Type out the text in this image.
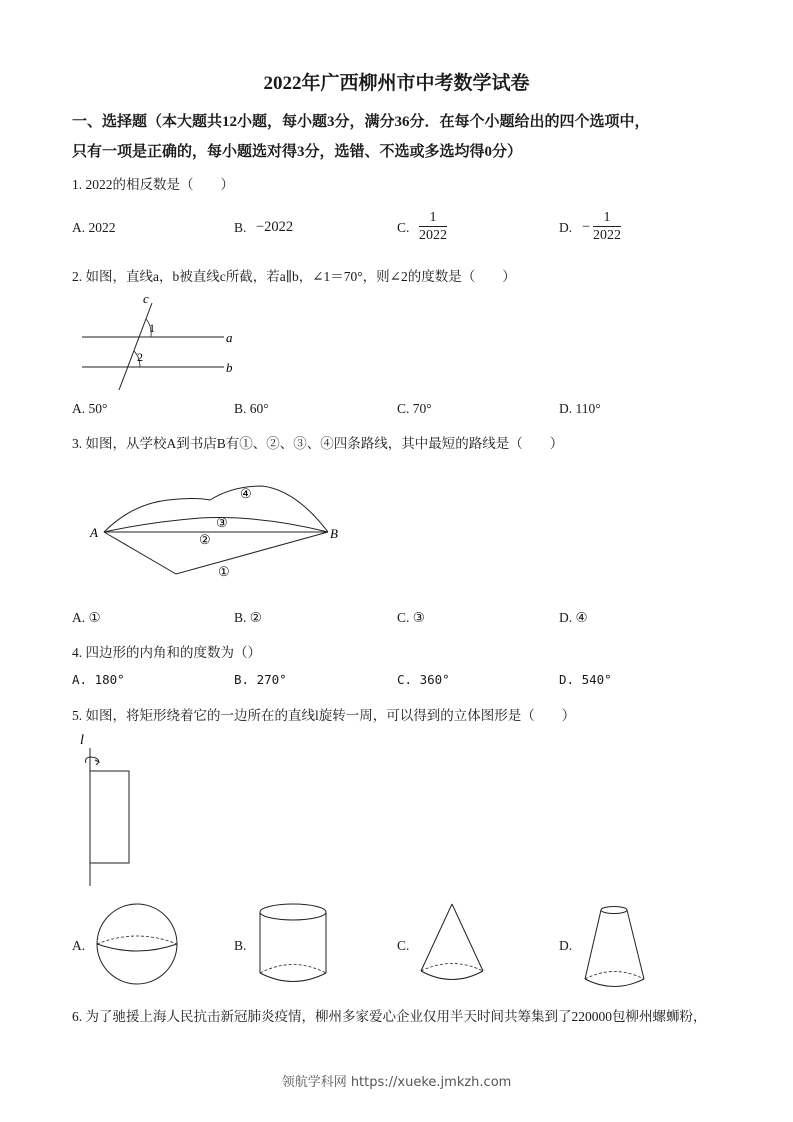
2022年广西柳州市中考数学试卷
一、选择题（本大题共12小题，每小题3分，满分36分．在每个小题给出的四个选项中，
只有一项是正确的，每小题选对得3分，选错、不选或多选均得0分）
1. 2022的相反数是（　　）
A. 2022	B. −2022	C. $\frac{1}{2022}$	D. − $\frac{1}{2022}$
2. 如图，直线a，b被直线c所截，若a∥b，∠1＝70°，则∠2的度数是（　　）
c
a
b
1
2
A. 50°	B. 60°	C. 70°	D. 110°
3. 如图，从学校A到书店B有①、②、③、④四条路线，其中最短的路线是（　　）
A	B
①
②
③
④
A. ①	B. ②	C. ③	D. ④
4. 四边形的内角和的度数为（）
A. 180°	B. 270°	C. 360°	D. 540°
5. 如图，将矩形绕着它的一边所在的直线l旋转一周，可以得到的立体图形是（　　）
l
A.	B.	C.	D.
6. 为了驰援上海人民抗击新冠肺炎疫情，柳州多家爱心企业仅用半天时间共筹集到了220000包柳州螺蛳粉，
领航学科网 https://xueke.jmkzh.com
